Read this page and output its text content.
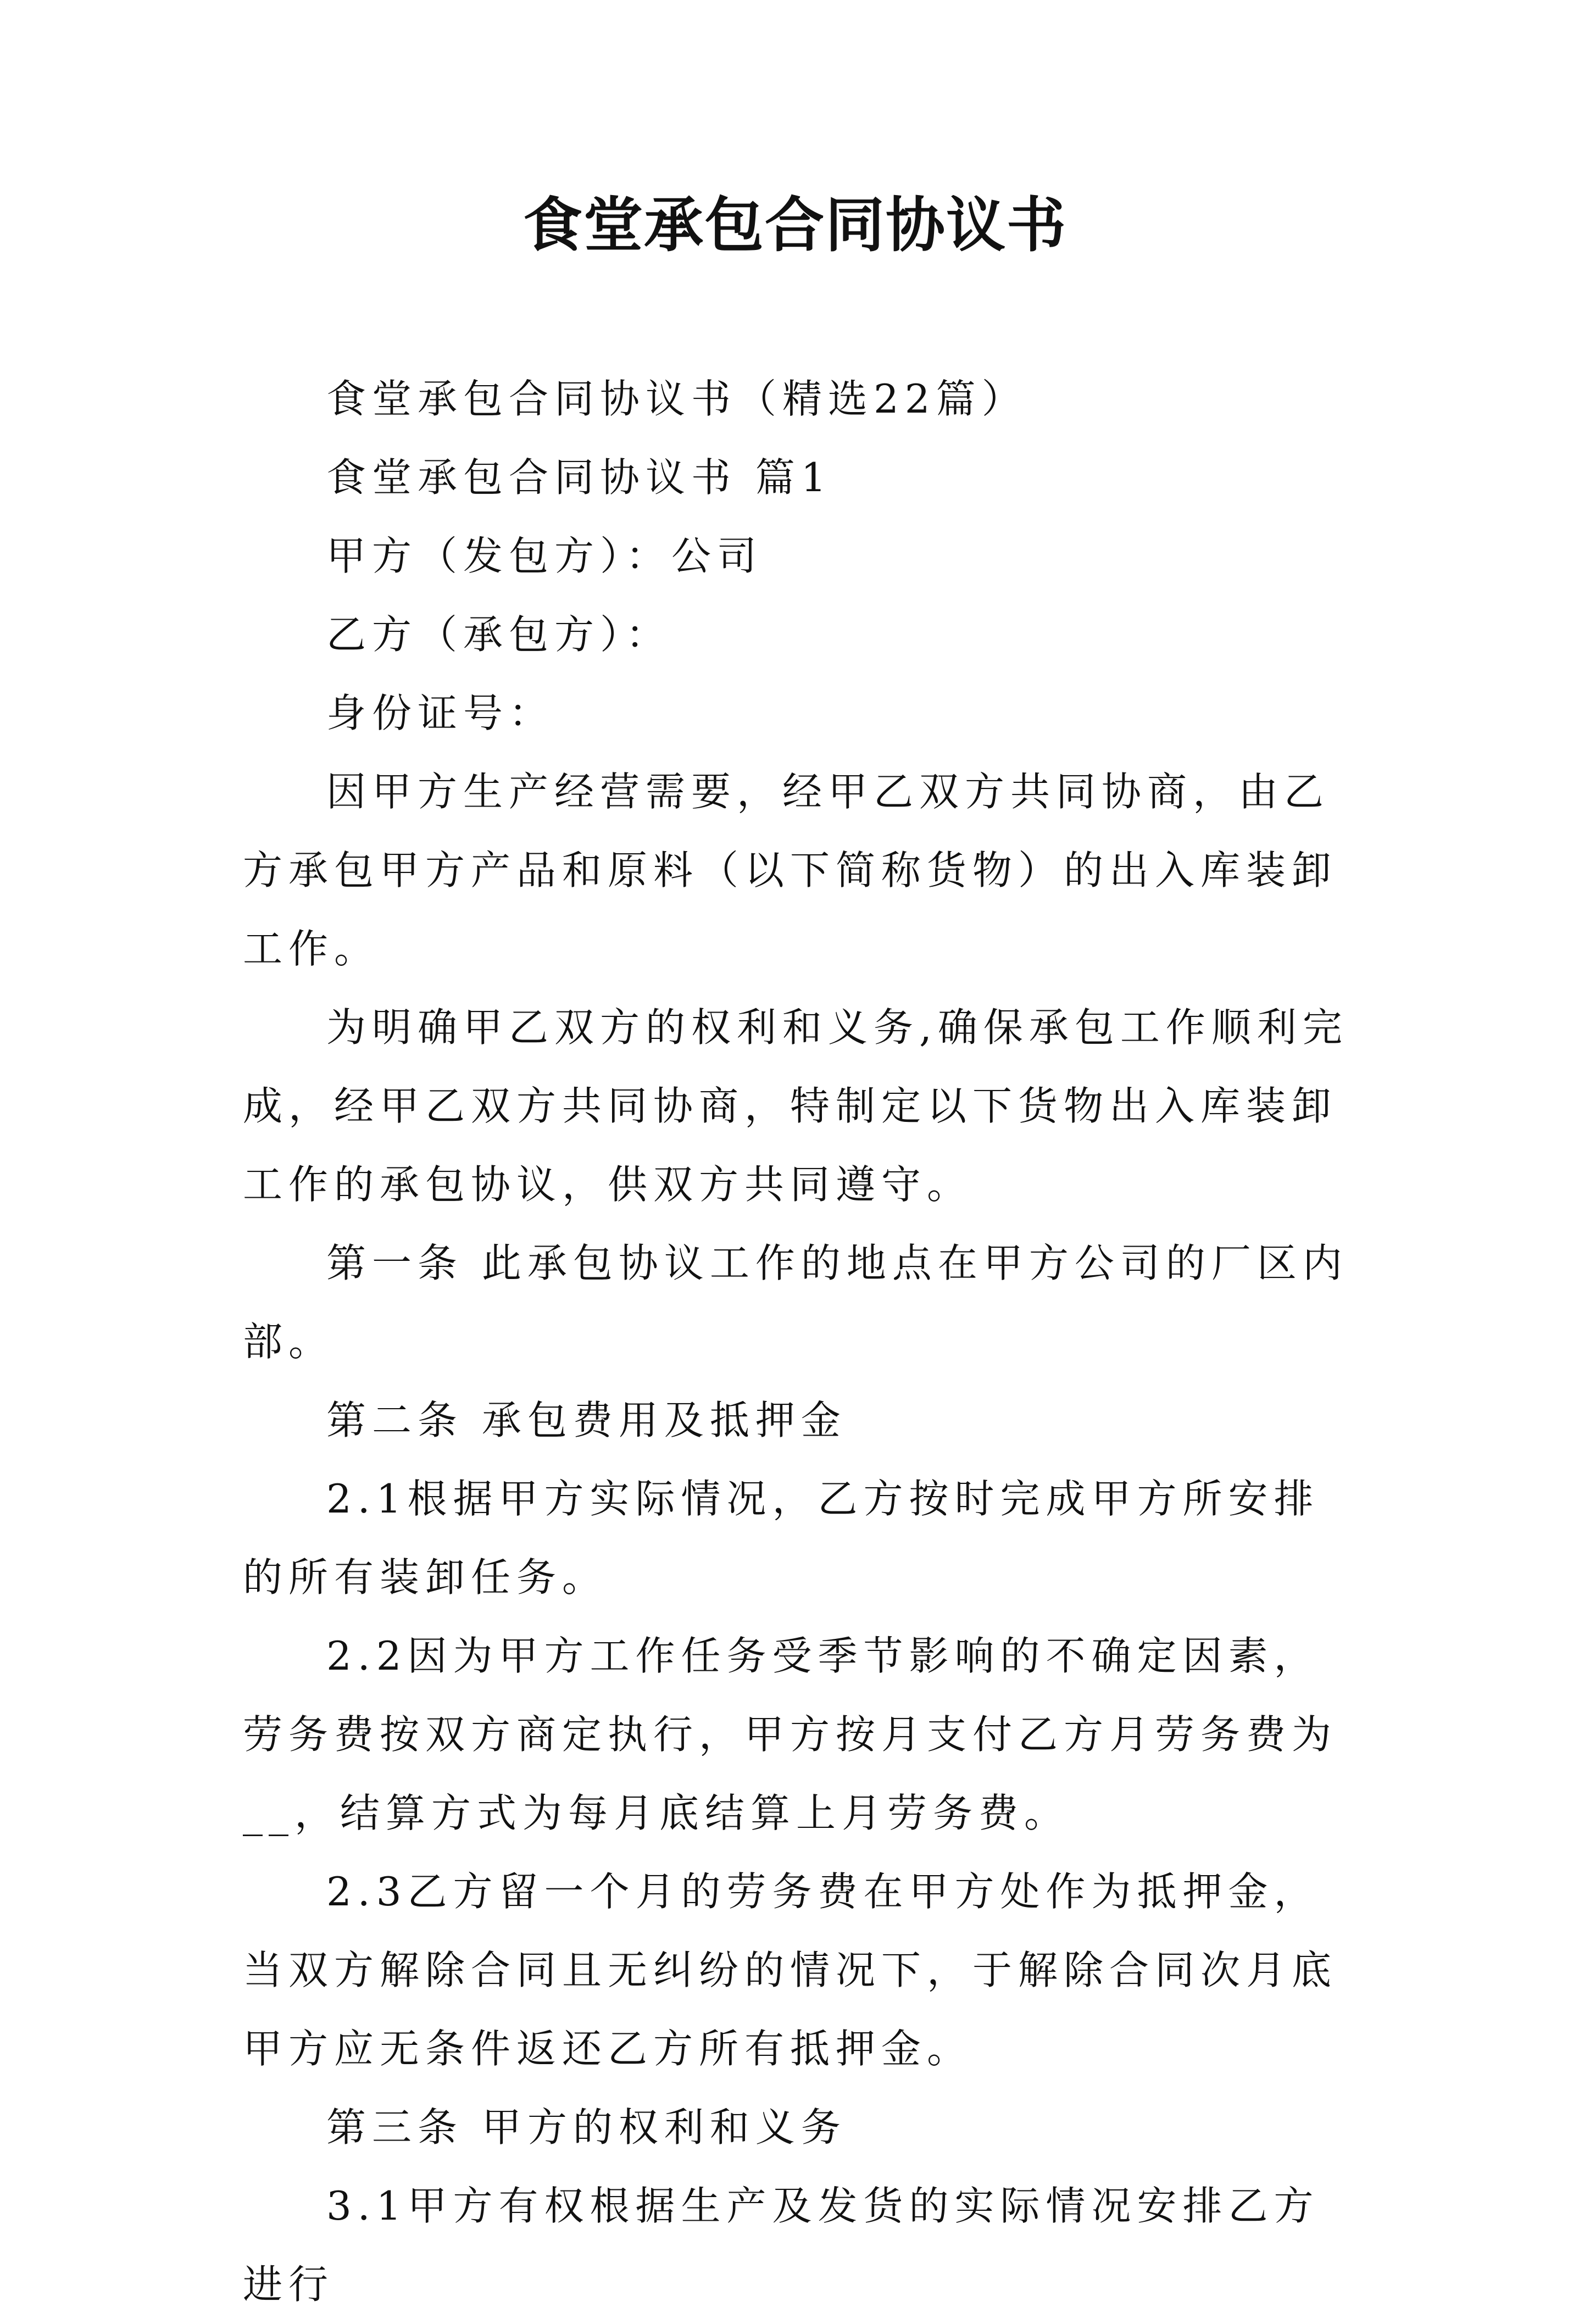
食堂承包合同协议书

食堂承包合同协议书（精选22篇）

食堂承包合同协议书 篇1

甲方（发包方）：公司

乙方（承包方）：

身份证号：

因甲方生产经营需要，经甲乙双方共同协商，由乙方承包甲方产品和原料（以下简称货物）的出入库装卸工作。

为明确甲乙双方的权利和义务,确保承包工作顺利完成，经甲乙双方共同协商，特制定以下货物出入库装卸工作的承包协议，供双方共同遵守。

第一条 此承包协议工作的地点在甲方公司的厂区内部。

第二条 承包费用及抵押金

2.1根据甲方实际情况，乙方按时完成甲方所安排的所有装卸任务。

2.2因为甲方工作任务受季节影响的不确定因素，劳务费按双方商定执行，甲方按月支付乙方月劳务费为__，结算方式为每月底结算上月劳务费。

2.3乙方留一个月的劳务费在甲方处作为抵押金，当双方解除合同且无纠纷的情况下，于解除合同次月底甲方应无条件返还乙方所有抵押金。

第三条 甲方的权利和义务

3.1甲方有权根据生产及发货的实际情况安排乙方进行
